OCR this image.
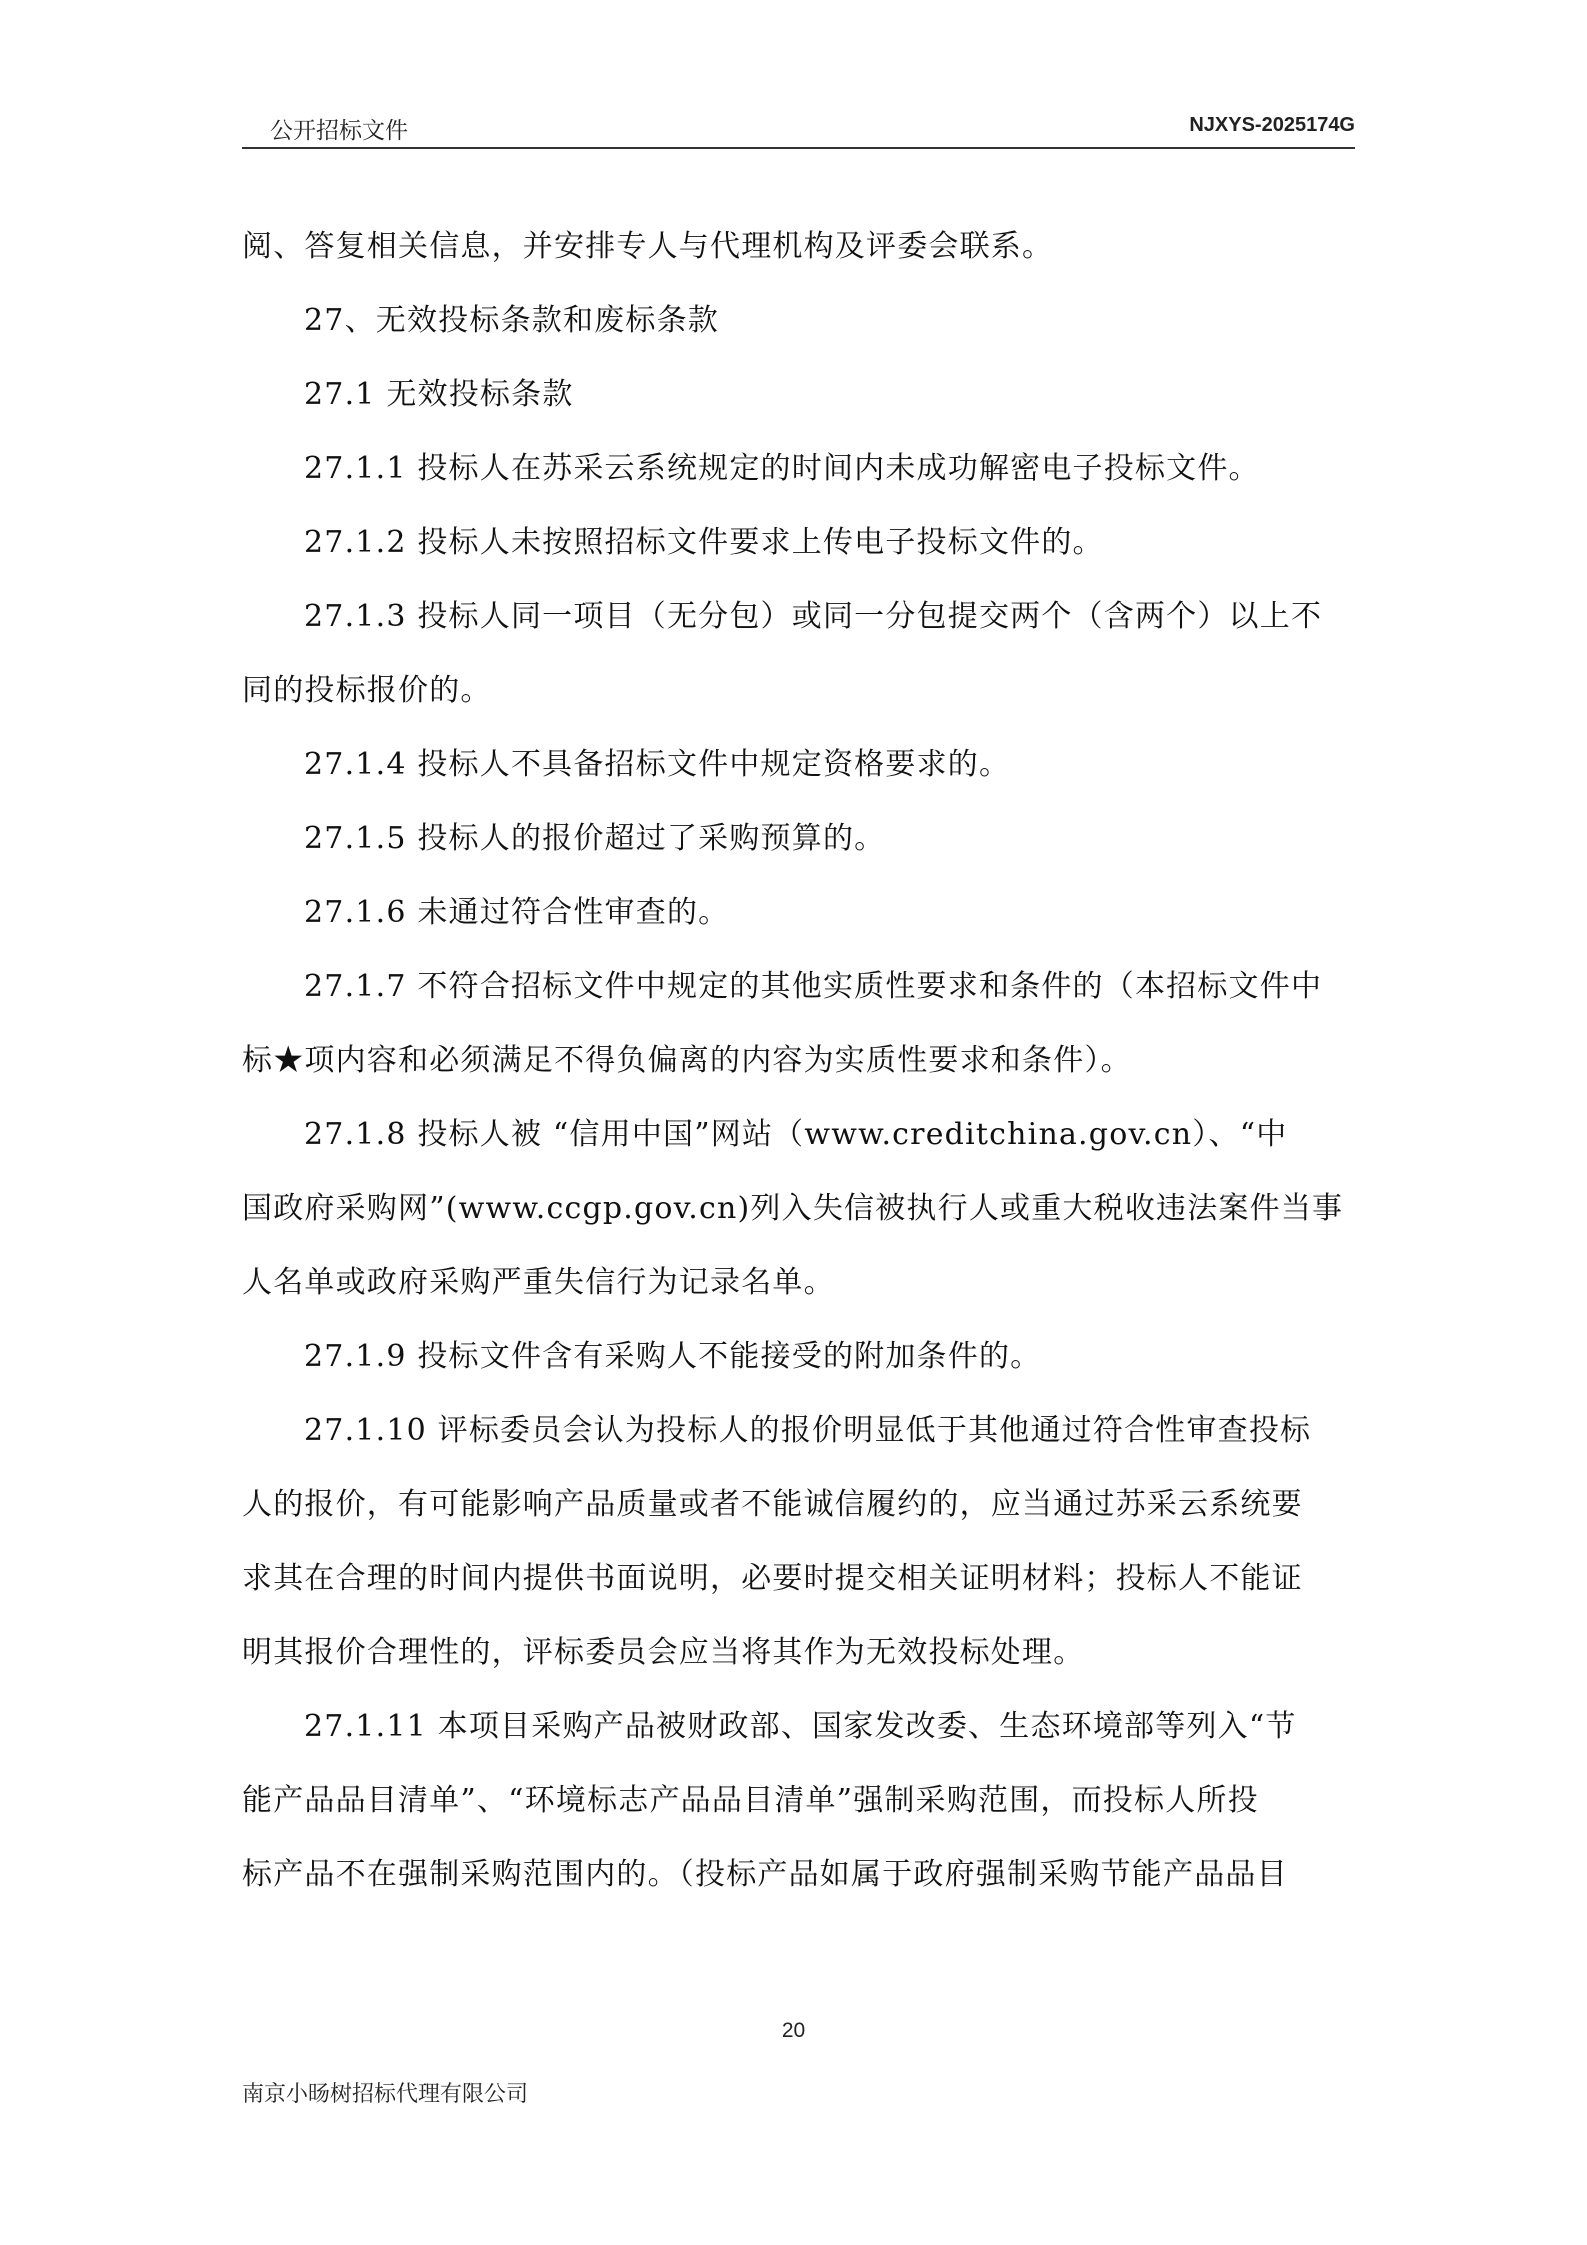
公开招标文件	NJXYS-2025174G

阅、答复相关信息，并安排专人与代理机构及评委会联系。

27、无效投标条款和废标条款

27.1 无效投标条款

27.1.1 投标人在苏采云系统规定的时间内未成功解密电子投标文件。

27.1.2 投标人未按照招标文件要求上传电子投标文件的。

27.1.3 投标人同一项目（无分包）或同一分包提交两个（含两个）以上不

同的投标报价的。

27.1.4 投标人不具备招标文件中规定资格要求的。

27.1.5 投标人的报价超过了采购预算的。

27.1.6 未通过符合性审查的。

27.1.7 不符合招标文件中规定的其他实质性要求和条件的（本招标文件中

标★项内容和必须满足不得负偏离的内容为实质性要求和条件）。

27.1.8 投标人被 “信用中国”网站（www.creditchina.gov.cn）、“中

国政府采购网”(www.ccgp.gov.cn)列入失信被执行人或重大税收违法案件当事

人名单或政府采购严重失信行为记录名单。

27.1.9 投标文件含有采购人不能接受的附加条件的。

27.1.10 评标委员会认为投标人的报价明显低于其他通过符合性审查投标

人的报价，有可能影响产品质量或者不能诚信履约的，应当通过苏采云系统要

求其在合理的时间内提供书面说明，必要时提交相关证明材料；投标人不能证

明其报价合理性的，评标委员会应当将其作为无效投标处理。

27.1.11 本项目采购产品被财政部、国家发改委、生态环境部等列入“节

能产品品目清单”、“环境标志产品品目清单”强制采购范围，而投标人所投

标产品不在强制采购范围内的。（投标产品如属于政府强制采购节能产品品目

20
南京小旸树招标代理有限公司
